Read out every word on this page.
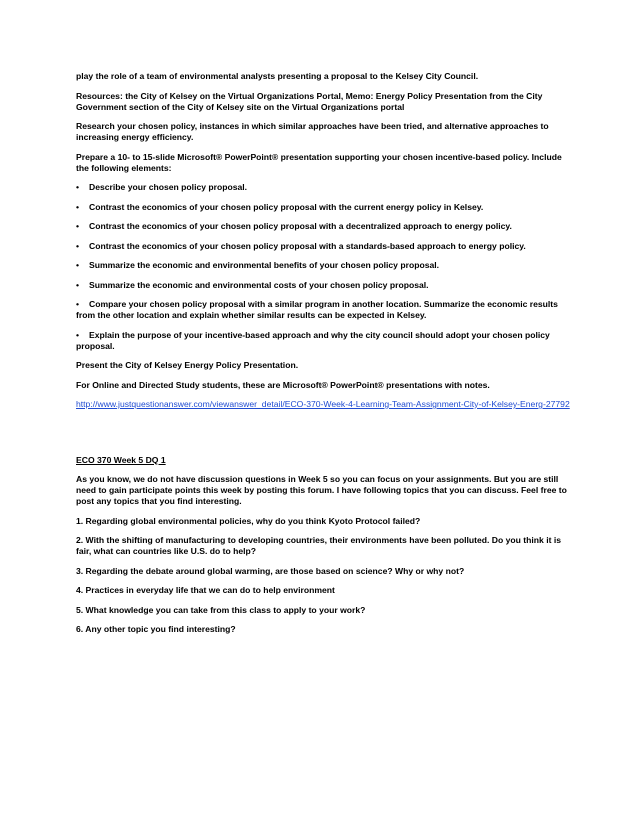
play the role of a team of environmental analysts presenting a proposal to the Kelsey City Council.

Resources: the City of Kelsey on the Virtual Organizations Portal, Memo: Energy Policy Presentation from the City Government section of the City of Kelsey site on the Virtual Organizations portal

Research your chosen policy, instances in which similar approaches have been tried, and alternative approaches to increasing energy efficiency.

Prepare a 10- to 15-slide Microsoft® PowerPoint® presentation supporting your chosen incentive-based policy. Include the following elements:

• Describe your chosen policy proposal.

• Contrast the economics of your chosen policy proposal with the current energy policy in Kelsey.

• Contrast the economics of your chosen policy proposal with a decentralized approach to energy policy.

• Contrast the economics of your chosen policy proposal with a standards-based approach to energy policy.

• Summarize the economic and environmental benefits of your chosen policy proposal.

• Summarize the economic and environmental costs of your chosen policy proposal.

• Compare your chosen policy proposal with a similar program in another location. Summarize the economic results from the other location and explain whether similar results can be expected in Kelsey.

• Explain the purpose of your incentive-based approach and why the city council should adopt your chosen policy proposal.

Present the City of Kelsey Energy Policy Presentation.

For Online and Directed Study students, these are Microsoft® PowerPoint® presentations with notes.

http://www.justquestionanswer.com/viewanswer_detail/ECO-370-Week-4-Learning-Team-Assignment-City-of-Kelsey-Energ-27792

ECO 370 Week 5 DQ 1

As you know, we do not have discussion questions in Week 5 so you can focus on your assignments. But you are still need to gain participate points this week by posting this forum. I have following topics that you can discuss. Feel free to post any topics that you find interesting.

1. Regarding global environmental policies, why do you think Kyoto Protocol failed?

2. With the shifting of manufacturing to developing countries, their environments have been polluted. Do you think it is fair, what can countries like U.S. do to help?

3. Regarding the debate around global warming, are those based on science? Why or why not?

4. Practices in everyday life that we can do to help environment

5. What knowledge you can take from this class to apply to your work?

6. Any other topic you find interesting?
